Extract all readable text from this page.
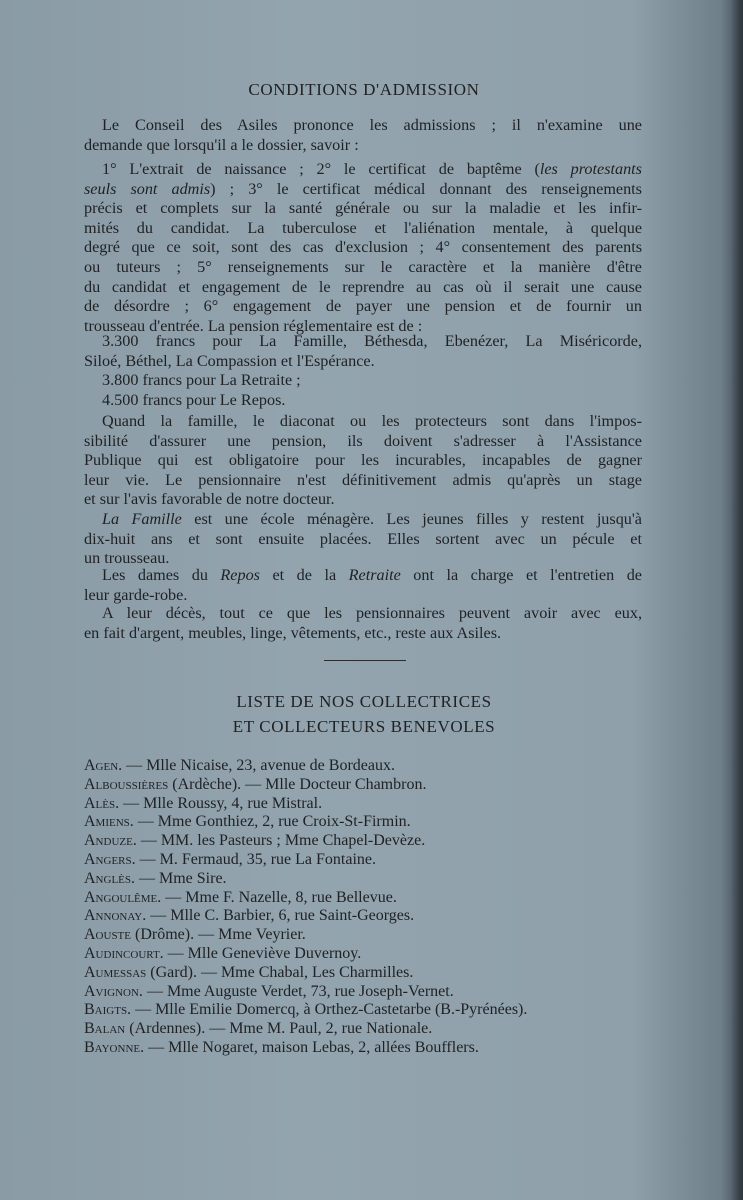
CONDITIONS D'ADMISSION
Le Conseil des Asiles prononce les admissions ; il n'examine une
demande que lorsqu'il a le dossier, savoir :
1° L'extrait de naissance ; 2° le certificat de baptême (les protestants
seuls sont admis) ; 3° le certificat médical donnant des renseignements
précis et complets sur la santé générale ou sur la maladie et les infir-
mités du candidat. La tuberculose et l'aliénation mentale, à quelque
degré que ce soit, sont des cas d'exclusion ; 4° consentement des parents
ou tuteurs ; 5° renseignements sur le caractère et la manière d'être
du candidat et engagement de le reprendre au cas où il serait une cause
de désordre ; 6° engagement de payer une pension et de fournir un
trousseau d'entrée. La pension réglementaire est de :
3.300 francs pour La Famille, Béthesda, Ebenézer, La Miséricorde,
Siloé, Béthel, La Compassion et l'Espérance.
3.800 francs pour La Retraite ;
4.500 francs pour Le Repos.
Quand la famille, le diaconat ou les protecteurs sont dans l'impos-
sibilité d'assurer une pension, ils doivent s'adresser à l'Assistance
Publique qui est obligatoire pour les incurables, incapables de gagner
leur vie. Le pensionnaire n'est définitivement admis qu'après un stage
et sur l'avis favorable de notre docteur.
La Famille est une école ménagère. Les jeunes filles y restent jusqu'à
dix-huit ans et sont ensuite placées. Elles sortent avec un pécule et
un trousseau.
Les dames du Repos et de la Retraite ont la charge et l'entretien de
leur garde-robe.
A leur décès, tout ce que les pensionnaires peuvent avoir avec eux,
en fait d'argent, meubles, linge, vêtements, etc., reste aux Asiles.
LISTE DE NOS COLLECTRICES
ET COLLECTEURS BENEVOLES
Agen. — Mlle Nicaise, 23, avenue de Bordeaux.
Alboussières (Ardèche). — Mlle Docteur Chambron.
Alès. — Mlle Roussy, 4, rue Mistral.
Amiens. — Mme Gonthiez, 2, rue Croix-St-Firmin.
Anduze. — MM. les Pasteurs ; Mme Chapel-Devèze.
Angers. — M. Fermaud, 35, rue La Fontaine.
Anglès. — Mme Sire.
Angoulême. — Mme F. Nazelle, 8, rue Bellevue.
Annonay. — Mlle C. Barbier, 6, rue Saint-Georges.
Aouste (Drôme). — Mme Veyrier.
Audincourt. — Mlle Geneviève Duvernoy.
Aumessas (Gard). — Mme Chabal, Les Charmilles.
Avignon. — Mme Auguste Verdet, 73, rue Joseph-Vernet.
Baigts. — Mlle Emilie Domercq, à Orthez-Castetarbe (B.-Pyrénées).
Balan (Ardennes). — Mme M. Paul, 2, rue Nationale.
Bayonne. — Mlle Nogaret, maison Lebas, 2, allées Boufflers.
